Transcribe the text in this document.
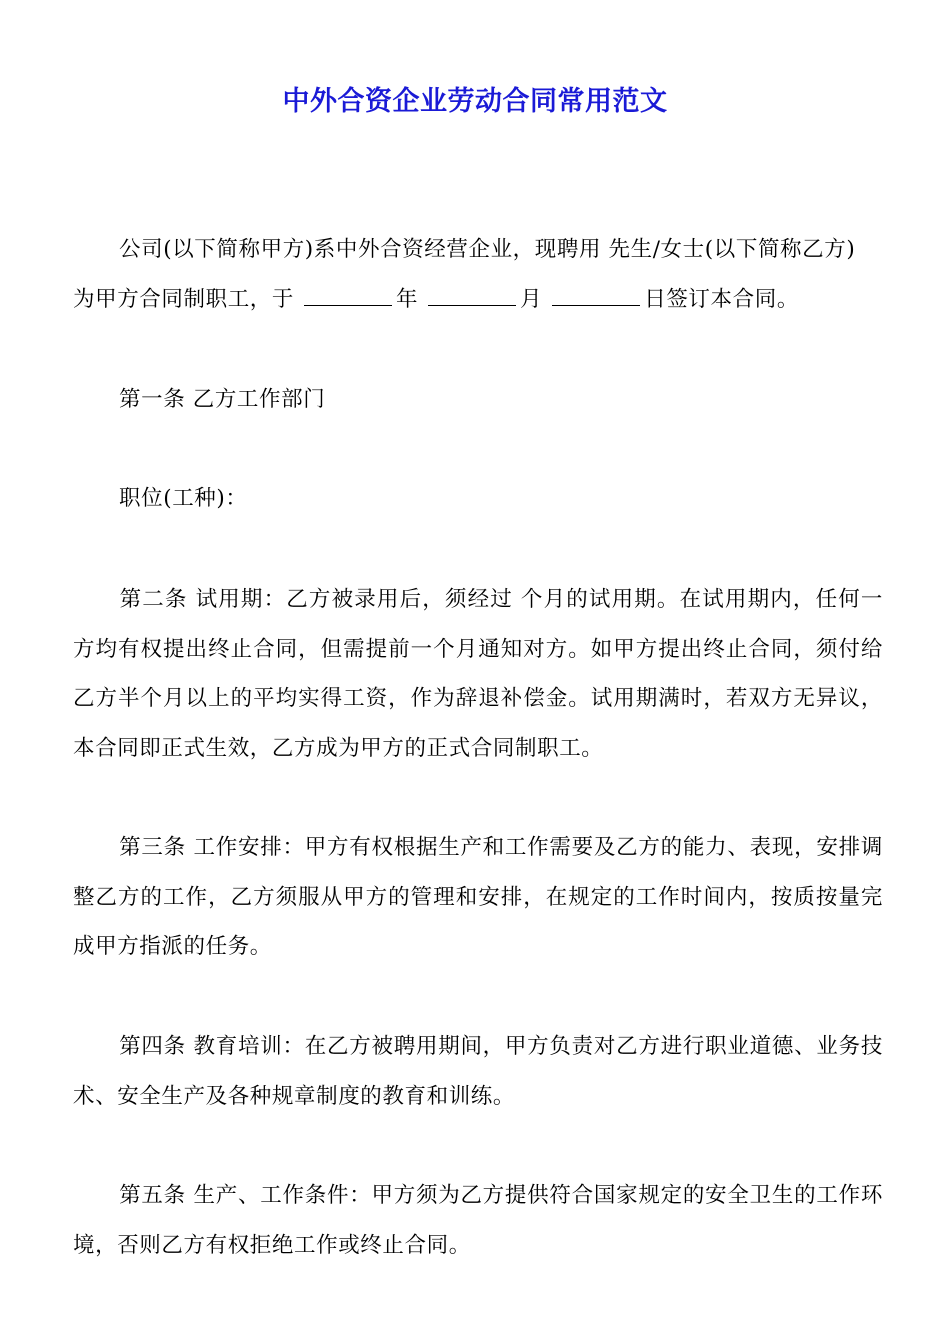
中外合资企业劳动合同常用范文

公司(以下简称甲方)系中外合资经营企业，现聘用 先生/女士(以下简称乙方)
为甲方合同制职工，于	年	月	日签订本合同。

第一条 乙方工作部门

职位(工种)：

第二条 试用期：乙方被录用后，须经过 个月的试用期。在试用期内，任何一方均有权提出终止合同，但需提前一个月通知对方。如甲方提出终止合同，须付给乙方半个月以上的平均实得工资，作为辞退补偿金。试用期满时，若双方无异议，本合同即正式生效，乙方成为甲方的正式合同制职工。

第三条 工作安排：甲方有权根据生产和工作需要及乙方的能力、表现，安排调整乙方的工作，乙方须服从甲方的管理和安排，在规定的工作时间内，按质按量完成甲方指派的任务。

第四条 教育培训：在乙方被聘用期间，甲方负责对乙方进行职业道德、业务技术、安全生产及各种规章制度的教育和训练。

第五条 生产、工作条件：甲方须为乙方提供符合国家规定的安全卫生的工作环境，否则乙方有权拒绝工作或终止合同。
